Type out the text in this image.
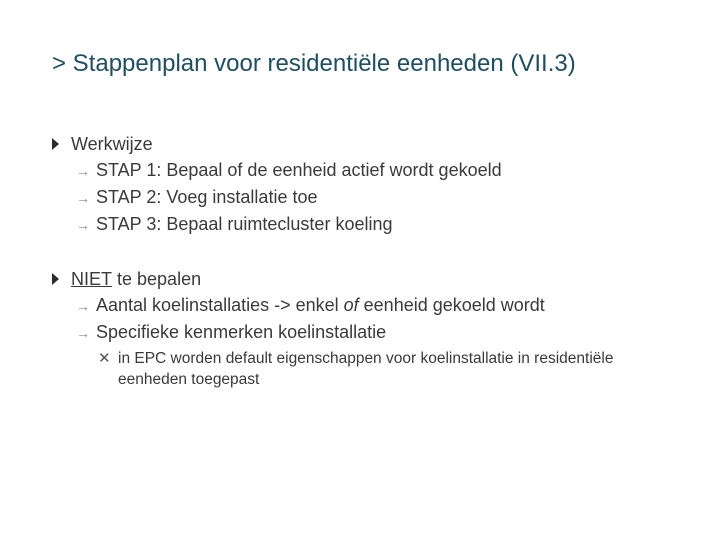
> Stappenplan voor residentiële eenheden (VII.3)
Werkwijze
→ STAP 1: Bepaal of de eenheid actief wordt gekoeld
→ STAP 2: Voeg installatie toe
→ STAP 3: Bepaal ruimtecluster koeling
NIET te bepalen
→ Aantal koelinstallaties -> enkel of eenheid gekoeld wordt
→ Specifieke kenmerken koelinstallatie
✕ in EPC worden default eigenschappen voor koelinstallatie in residentiële eenheden toegepast
